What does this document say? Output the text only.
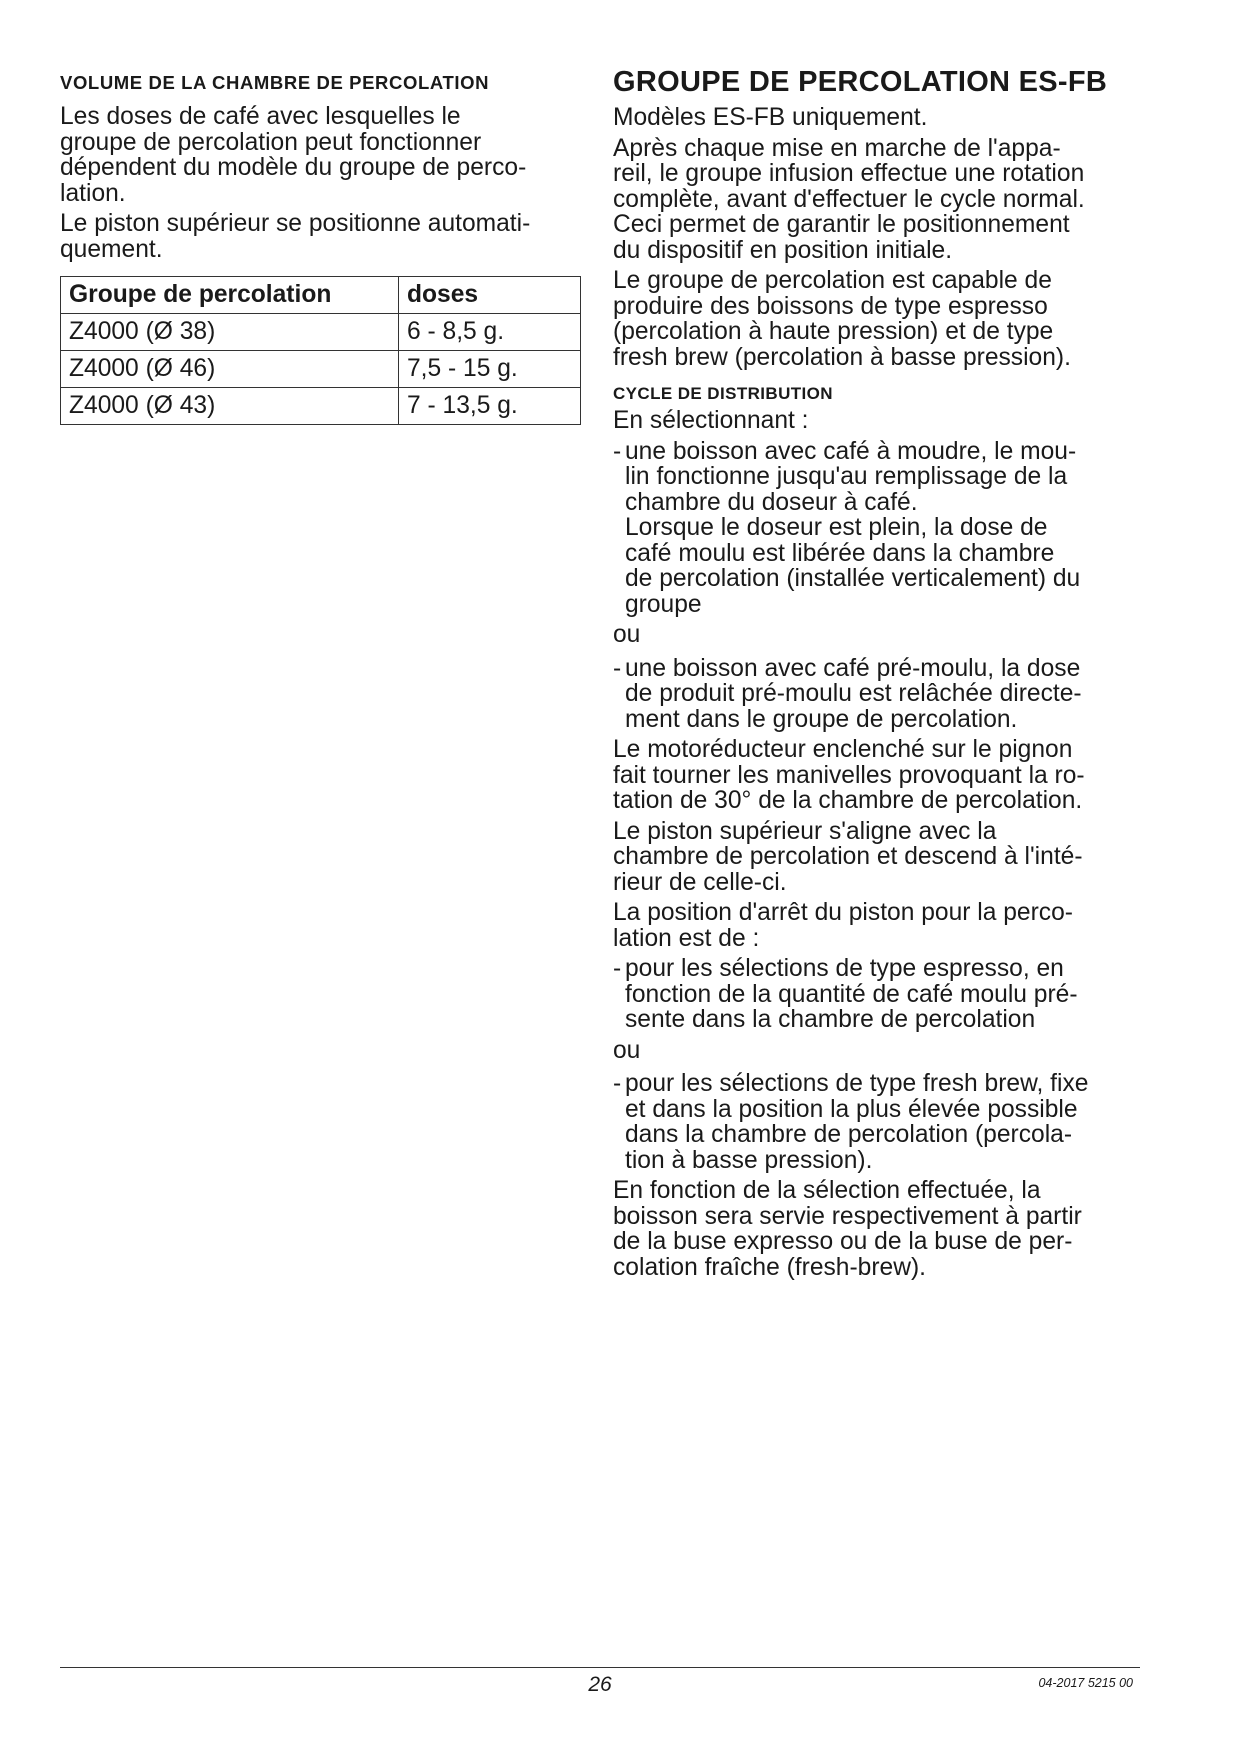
VOLUME DE LA CHAMBRE DE PERCOLATION

Les doses de café avec lesquelles le
groupe de percolation peut fonctionner
dépendent du modèle du groupe de perco-
lation.

Le piston supérieur se positionne automati-
quement.

Groupe de percolation	doses
Z4000 (Ø 38)	6 - 8,5 g.
Z4000 (Ø 46)	7,5 - 15 g.
Z4000 (Ø 43)	7 - 13,5 g.
GROUPE DE PERCOLATION ES-FB

Modèles ES-FB uniquement.

Après chaque mise en marche de l'appa-
reil, le groupe infusion effectue une rotation
complète, avant d'effectuer le cycle normal.
Ceci permet de garantir le positionnement
du dispositif en position initiale.

Le groupe de percolation est capable de
produire des boissons de type espresso
(percolation à haute pression) et de type
fresh brew (percolation à basse pression).

CYCLE DE DISTRIBUTION

En sélectionnant :

- une boisson avec café à moudre, le mou-
lin fonctionne jusqu'au remplissage de la
chambre du doseur à café.
Lorsque le doseur est plein, la dose de
café moulu est libérée dans la chambre
de percolation (installée verticalement) du
groupe
ou
- une boisson avec café pré-moulu, la dose
de produit pré-moulu est relâchée directe-
ment dans le groupe de percolation.

Le motoréducteur enclenché sur le pignon
fait tourner les manivelles provoquant la ro-
tation de 30° de la chambre de percolation.

Le piston supérieur s'aligne avec la
chambre de percolation et descend à l'inté-
rieur de celle-ci.

La position d'arrêt du piston pour la perco-
lation est de :

- pour les sélections de type espresso, en
fonction de la quantité de café moulu pré-
sente dans la chambre de percolation
ou
- pour les sélections de type fresh brew, fixe
et dans la position la plus élevée possible
dans la chambre de percolation (percola-
tion à basse pression).

En fonction de la sélection effectuée, la
boisson sera servie respectivement à partir
de la buse expresso ou de la buse de per-
colation fraîche (fresh-brew).

26	04-2017 5215 00
